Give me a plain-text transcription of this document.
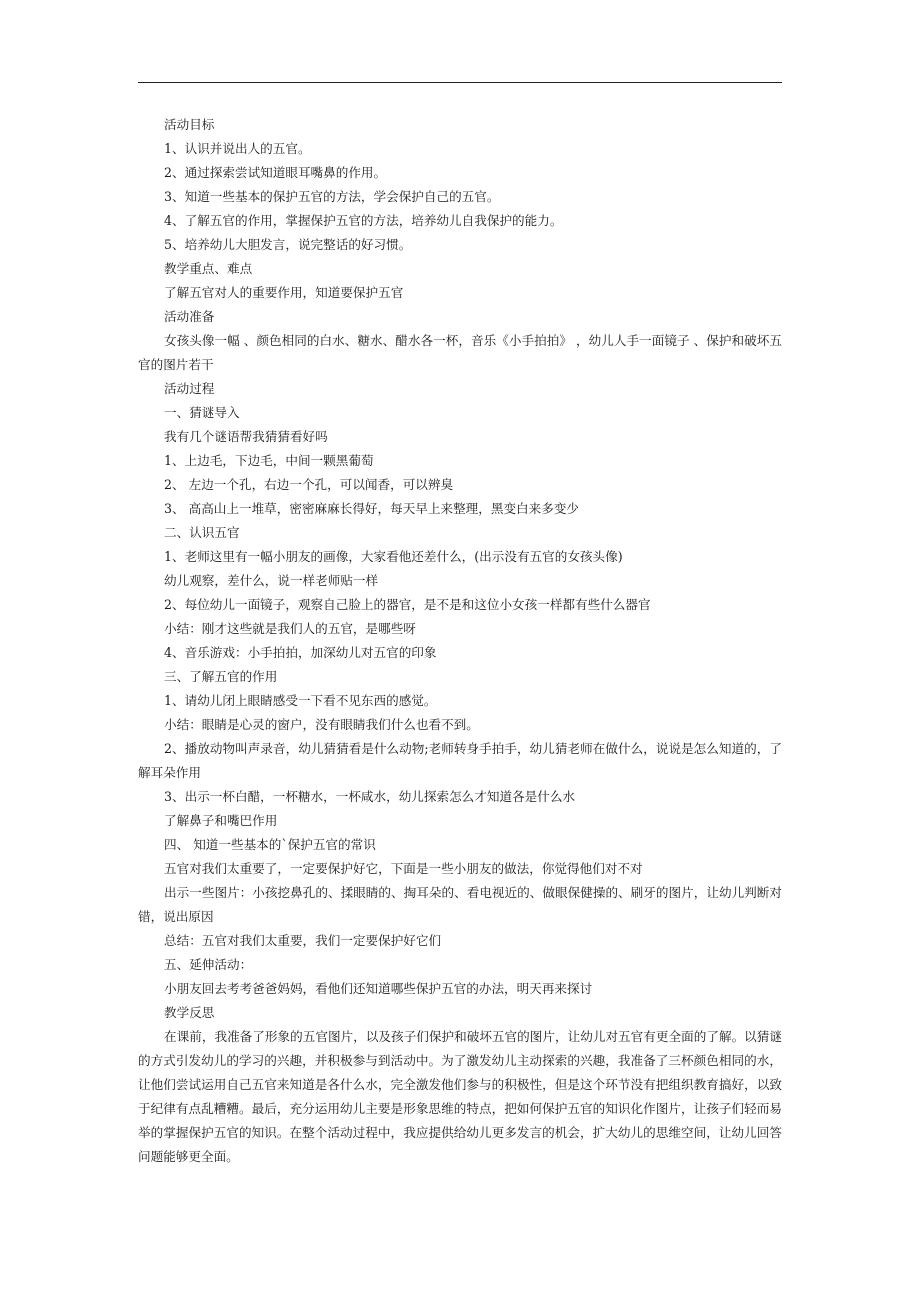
活动目标

1、认识并说出人的五官。

2、通过探索尝试知道眼耳嘴鼻的作用。

3、知道一些基本的保护五官的方法，学会保护自己的五官。

4、了解五官的作用，掌握保护五官的方法，培养幼儿自我保护的能力。

5、培养幼儿大胆发言，说完整话的好习惯。

教学重点、难点

了解五官对人的重要作用，知道要保护五官

活动准备

女孩头像一幅 、颜色相同的白水、糖水、醋水各一杯，音乐《小手拍拍》 ，幼儿人手一面镜子 、保护和破坏五官的图片若干

活动过程

一、猜谜导入

我有几个谜语帮我猜猜看好吗

1、上边毛，下边毛，中间一颗黑葡萄

2、 左边一个孔，右边一个孔，可以闻香，可以辨臭

3、 高高山上一堆草，密密麻麻长得好，每天早上来整理，黑变白来多变少

二、认识五官

1、老师这里有一幅小朋友的画像，大家看他还差什么，(出示没有五官的女孩头像)

幼儿观察，差什么，说一样老师贴一样

2、每位幼儿一面镜子，观察自己脸上的器官，是不是和这位小女孩一样都有些什么器官

小结：刚才这些就是我们人的五官，是哪些呀

4、音乐游戏：小手拍拍，加深幼儿对五官的印象

三、了解五官的作用

1、请幼儿闭上眼睛感受一下看不见东西的感觉。

小结：眼睛是心灵的窗户，没有眼睛我们什么也看不到。

2、播放动物叫声录音，幼儿猜猜看是什么动物;老师转身手拍手，幼儿猜老师在做什么，说说是怎么知道的，了解耳朵作用

3、出示一杯白醋，一杯糖水，一杯咸水，幼儿探索怎么才知道各是什么水

了解鼻子和嘴巴作用

四、 知道一些基本的`保护五官的常识

五官对我们太重要了，一定要保护好它，下面是一些小朋友的做法，你觉得他们对不对

出示一些图片：小孩挖鼻孔的、揉眼睛的、掏耳朵的、看电视近的、做眼保健操的、刷牙的图片，让幼儿判断对错，说出原因

总结：五官对我们太重要，我们一定要保护好它们

五、延伸活动：

小朋友回去考考爸爸妈妈，看他们还知道哪些保护五官的办法，明天再来探讨

教学反思

在课前，我准备了形象的五官图片，以及孩子们保护和破坏五官的图片，让幼儿对五官有更全面的了解。以猜谜的方式引发幼儿的学习的兴趣，并积极参与到活动中。为了激发幼儿主动探索的兴趣，我准备了三杯颜色相同的水，让他们尝试运用自己五官来知道是各什么水，完全激发他们参与的积极性，但是这个环节没有把组织教育搞好，以致于纪律有点乱糟糟。最后，充分运用幼儿主要是形象思维的特点，把如何保护五官的知识化作图片，让孩子们轻而易举的掌握保护五官的知识。在整个活动过程中，我应提供给幼儿更多发言的机会，扩大幼儿的思维空间，让幼儿回答问题能够更全面。
